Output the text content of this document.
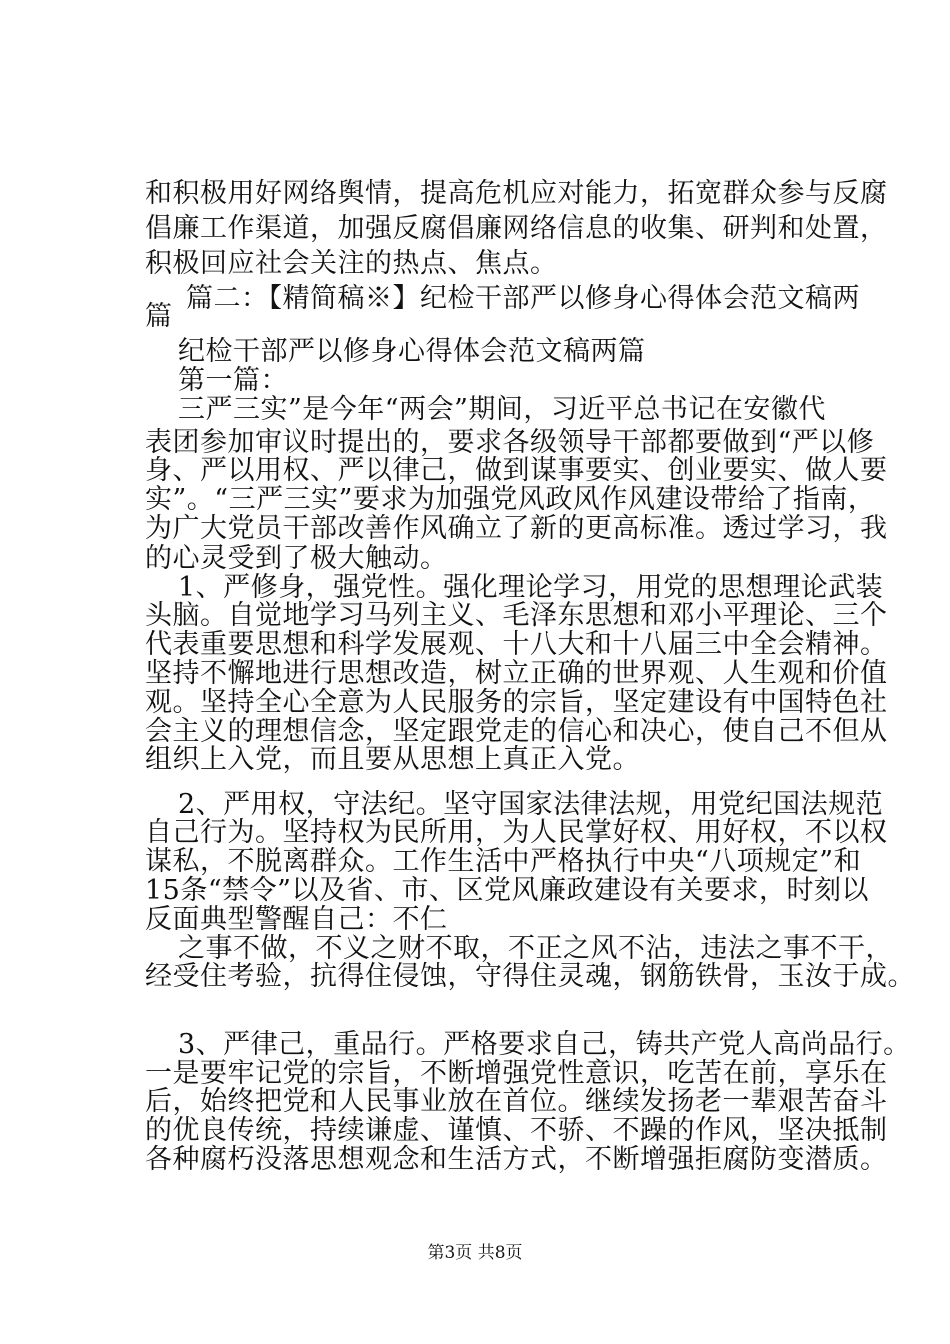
和积极用好网络舆情，提高危机应对能力，拓宽群众参与反腐
倡廉工作渠道，加强反腐倡廉网络信息的收集、研判和处置，
积极回应社会关注的热点、焦点。
篇二：【精简稿※】纪检干部严以修身心得体会范文稿两
篇
纪检干部严以修身心得体会范文稿两篇
第一篇：
三严三实”是今年“两会”期间，习近平总书记在安徽代
表团参加审议时提出的，要求各级领导干部都要做到“严以修
身、严以用权、严以律己，做到谋事要实、创业要实、做人要
实”。“三严三实”要求为加强党风政风作风建设带给了指南，
为广大党员干部改善作风确立了新的更高标准。透过学习，我
的心灵受到了极大触动。
1、严修身，强党性。强化理论学习，用党的思想理论武装
头脑。自觉地学习马列主义、毛泽东思想和邓小平理论、三个
代表重要思想和科学发展观、十八大和十八届三中全会精神。
坚持不懈地进行思想改造，树立正确的世界观、人生观和价值
观。坚持全心全意为人民服务的宗旨，坚定建设有中国特色社
会主义的理想信念，坚定跟党走的信心和决心，使自己不但从
组织上入党，而且要从思想上真正入党。
2、严用权，守法纪。坚守国家法律法规，用党纪国法规范
自己行为。坚持权为民所用，为人民掌好权、用好权，不以权
谋私，不脱离群众。工作生活中严格执行中央“八项规定”和
15条“禁令”以及省、市、区党风廉政建设有关要求，时刻以
反面典型警醒自己：不仁
之事不做，不义之财不取，不正之风不沾，违法之事不干，
经受住考验，抗得住侵蚀，守得住灵魂，钢筋铁骨，玉汝于成。
3、严律己，重品行。严格要求自己，铸共产党人高尚品行。
一是要牢记党的宗旨，不断增强党性意识，吃苦在前，享乐在
后，始终把党和人民事业放在首位。继续发扬老一辈艰苦奋斗
的优良传统，持续谦虚、谨慎、不骄、不躁的作风，坚决抵制
各种腐朽没落思想观念和生活方式，不断增强拒腐防变潜质。
第3页 共8页
